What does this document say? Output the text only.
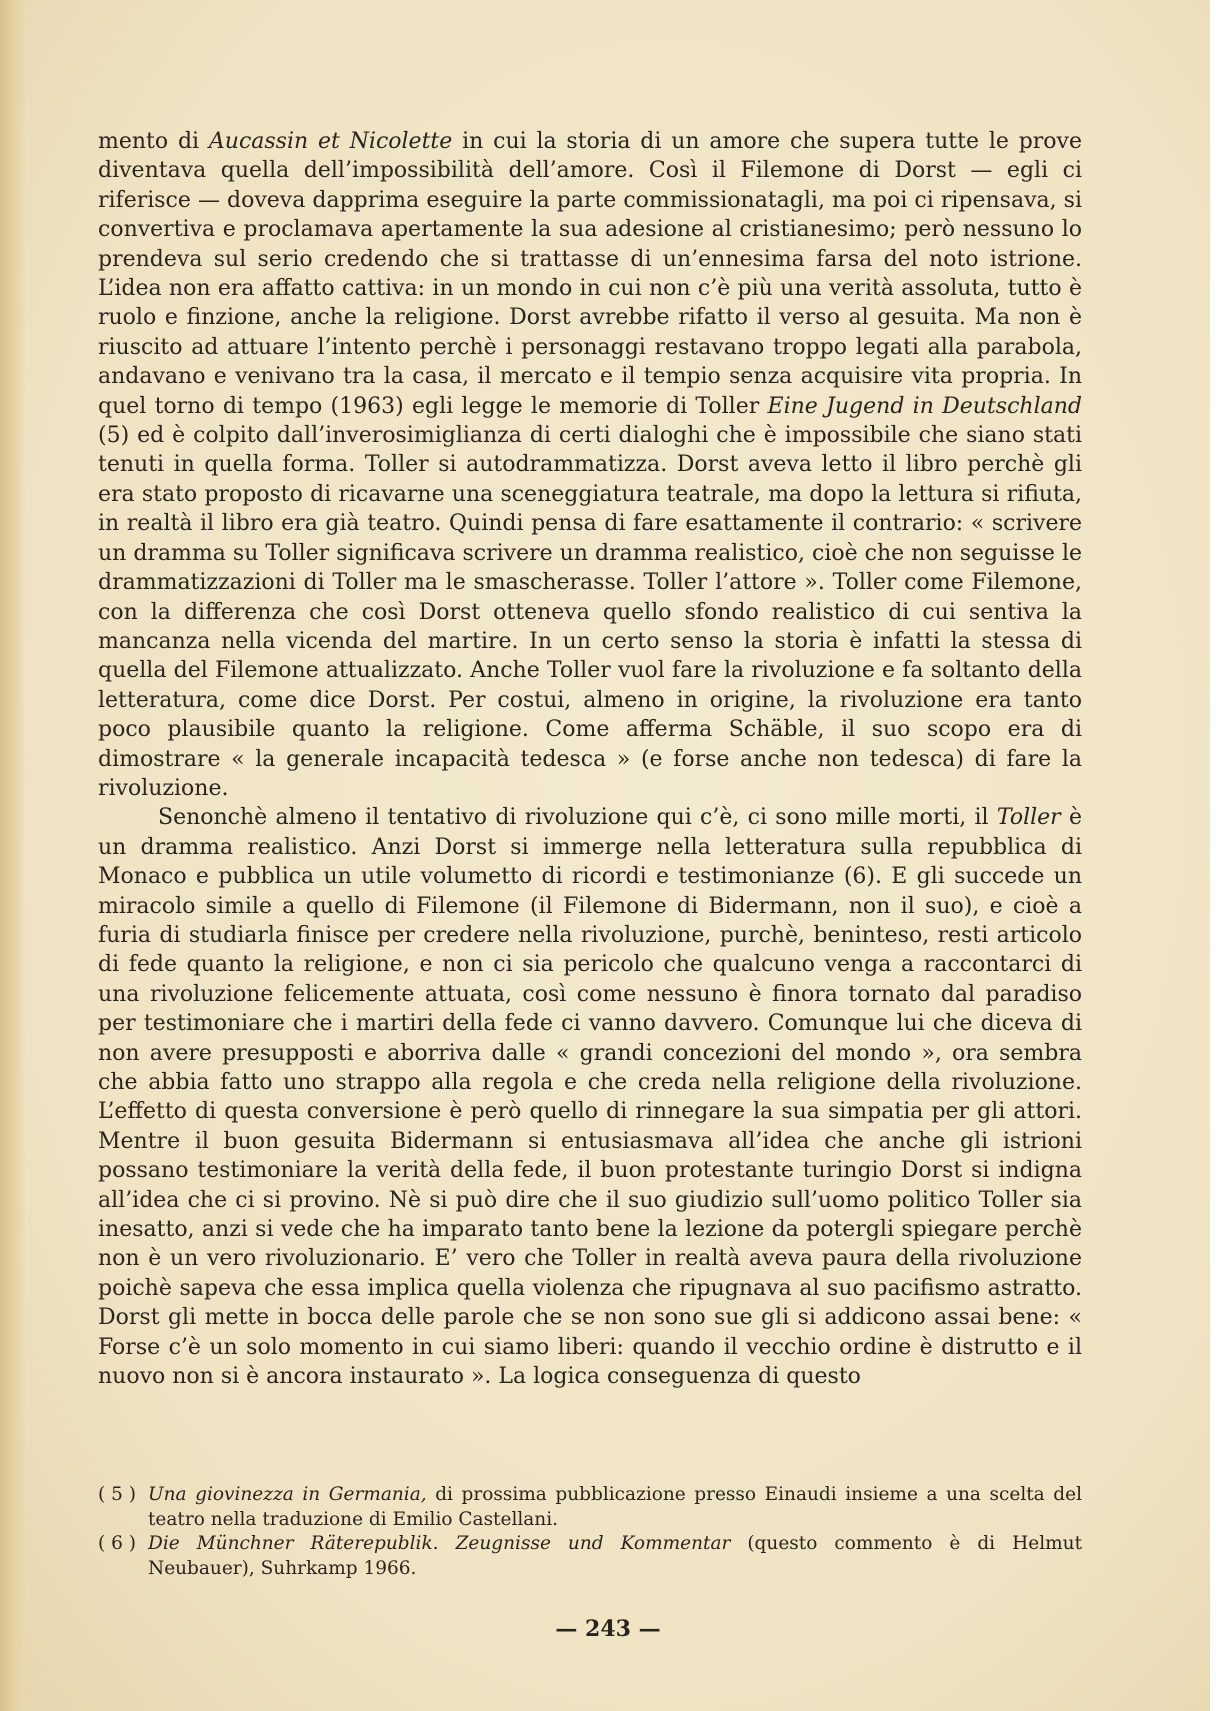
mento di Aucassin et Nicolette in cui la storia di un amore che supera tutte le prove diventava quella dell’impossibilità dell’amore. Così il Filemone di Dorst — egli ci riferisce — doveva dapprima eseguire la parte commissionatagli, ma poi ci ripensava, si convertiva e proclamava apertamente la sua adesione al cristianesimo; però nessuno lo prendeva sul serio credendo che si trattasse di un’ennesima farsa del noto istrione. L’idea non era affatto cattiva: in un mondo in cui non c’è più una verità assoluta, tutto è ruolo e finzione, anche la religione. Dorst avrebbe rifatto il verso al gesuita. Ma non è riuscito ad attuare l’intento perchè i personaggi restavano troppo legati alla parabola, andavano e venivano tra la casa, il mercato e il tempio senza acquisire vita propria. In quel torno di tempo (1963) egli legge le memorie di Toller Eine Jugend in Deutschland (5) ed è colpito dall’inverosimiglianza di certi dialoghi che è impossibile che siano stati tenuti in quella forma. Toller si autodrammatizza. Dorst aveva letto il libro perchè gli era stato proposto di ricavarne una sceneggiatura teatrale, ma dopo la lettura si rifiuta, in realtà il libro era già teatro. Quindi pensa di fare esattamente il contrario: « scrivere un dramma su Toller significava scrivere un dramma realistico, cioè che non seguisse le drammatizzazioni di Toller ma le smascherasse. Toller l’attore ». Toller come Filemone, con la differenza che così Dorst otteneva quello sfondo realistico di cui sentiva la mancanza nella vicenda del martire. In un certo senso la storia è infatti la stessa di quella del Filemone attualizzato. Anche Toller vuol fare la rivoluzione e fa soltanto della letteratura, come dice Dorst. Per costui, almeno in origine, la rivoluzione era tanto poco plausibile quanto la religione. Come afferma Schäble, il suo scopo era di dimostrare « la generale incapacità tedesca » (e forse anche non tedesca) di fare la rivoluzione.

Senonchè almeno il tentativo di rivoluzione qui c’è, ci sono mille morti, il Toller è un dramma realistico. Anzi Dorst si immerge nella letteratura sulla repubblica di Monaco e pubblica un utile volumetto di ricordi e testimonianze (6). E gli succede un miracolo simile a quello di Filemone (il Filemone di Bidermann, non il suo), e cioè a furia di studiarla finisce per credere nella rivoluzione, purchè, beninteso, resti articolo di fede quanto la religione, e non ci sia pericolo che qualcuno venga a raccontarci di una rivoluzione felicemente attuata, così come nessuno è finora tornato dal paradiso per testimoniare che i martiri della fede ci vanno davvero. Comunque lui che diceva di non avere presupposti e aborriva dalle « grandi concezioni del mondo », ora sembra che abbia fatto uno strappo alla regola e che creda nella religione della rivoluzione. L’effetto di questa conversione è però quello di rinnegare la sua simpatia per gli attori. Mentre il buon gesuita Bidermann si entusiasmava all’idea che anche gli istrioni possano testimoniare la verità della fede, il buon protestante turingio Dorst si indigna all’idea che ci si provino. Nè si può dire che il suo giudizio sull’uomo politico Toller sia inesatto, anzi si vede che ha imparato tanto bene la lezione da potergli spiegare perchè non è un vero rivoluzionario. E’ vero che Toller in realtà aveva paura della rivoluzione poichè sapeva che essa implica quella violenza che ripugnava al suo pacifismo astratto. Dorst gli mette in bocca delle parole che se non sono sue gli si addicono assai bene: « Forse c’è un solo momento in cui siamo liberi: quando il vecchio ordine è distrutto e il nuovo non si è ancora instaurato ». La logica conseguenza di questo

( 5 ) Una giovinezza in Germania, di prossima pubblicazione presso Einaudi insieme a una scelta del teatro nella traduzione di Emilio Castellani.
( 6 ) Die Münchner Räterepublik. Zeugnisse und Kommentar (questo commento è di Helmut Neubauer), Suhrkamp 1966.
— 243 —
